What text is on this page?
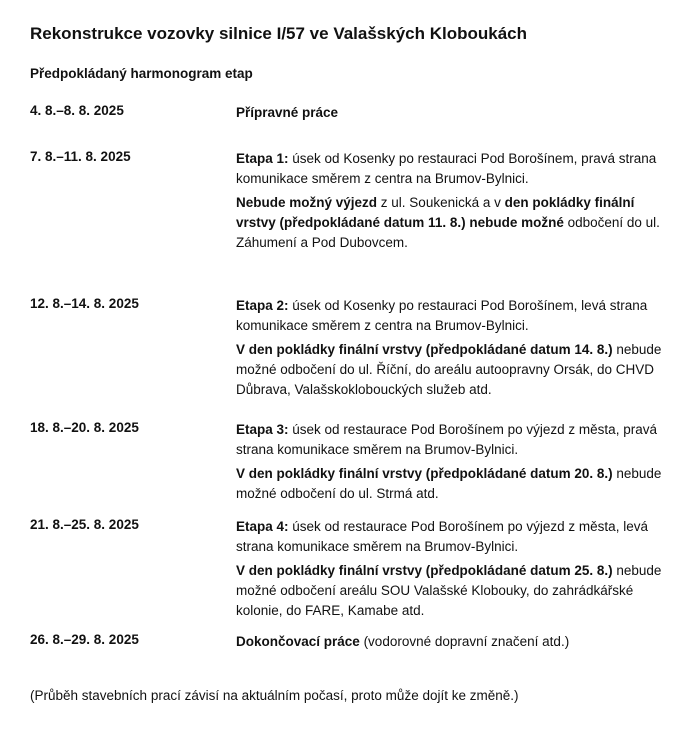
Rekonstrukce vozovky silnice I/57 ve Valašských Kloboukách
Předpokládaný harmonogram etap
4. 8.–8. 8. 2025	Přípravné práce
7. 8.–11. 8. 2025	Etapa 1: úsek od Kosenky po restauraci Pod Borošínem, pravá strana komunikace směrem z centra na Brumov-Bylnici.
Nebude možný výjezd z ul. Soukenická a v den pokládky finální vrstvy (předpokládané datum 11. 8.) nebude možné odbočení do ul. Záhumení a Pod Dubovcem.
12. 8.–14. 8. 2025	Etapa 2: úsek od Kosenky po restauraci Pod Borošínem, levá strana komunikace směrem z centra na Brumov-Bylnici.
V den pokládky finální vrstvy (předpokládané datum 14. 8.) nebude možné odbočení do ul. Říční, do areálu autoopravny Orsák, do CHVD Důbrava, Valašskoklobouckých služeb atd.
18. 8.–20. 8. 2025	Etapa 3: úsek od restaurace Pod Borošínem po výjezd z města, pravá strana komunikace směrem na Brumov-Bylnici.
V den pokládky finální vrstvy (předpokládané datum 20. 8.) nebude možné odbočení do ul. Strmá atd.
21. 8.–25. 8. 2025	Etapa 4: úsek od restaurace Pod Borošínem po výjezd z města, levá strana komunikace směrem na Brumov-Bylnici.
V den pokládky finální vrstvy (předpokládané datum 25. 8.) nebude možné odbočení areálu SOU Valašské Klobouky, do zahrádkářské kolonie, do FARE, Kamabe atd.
26. 8.–29. 8. 2025	Dokončovací práce (vodorovné dopravní značení atd.)
(Průběh stavebních prací závisí na aktuálním počasí, proto může dojít ke změně.)
